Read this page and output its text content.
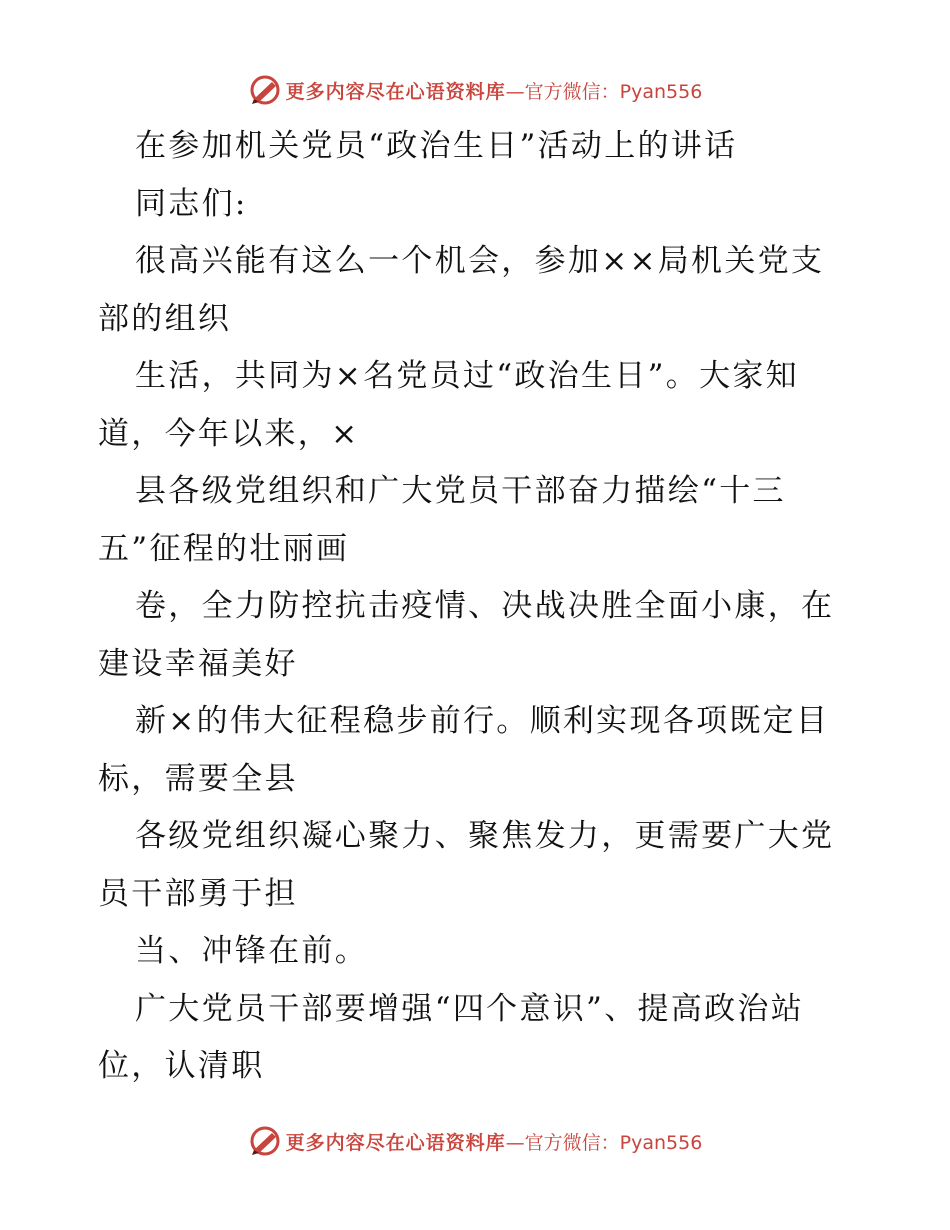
更多内容尽在心语资料库 —官方微信：Pyan556
在参加机关党员“政治生日”活动上的讲话
同志们:
很高兴能有这么一个机会，参加××局机关党支
部的组织
生活，共同为×名党员过“政治生日”。大家知
道，今年以来，×
县各级党组织和广大党员干部奋力描绘“十三
五”征程的壮丽画
卷，全力防控抗击疫情、决战决胜全面小康，在
建设幸福美好
新×的伟大征程稳步前行。顺利实现各项既定目
标，需要全县
各级党组织凝心聚力、聚焦发力，更需要广大党
员干部勇于担
当、冲锋在前。
广大党员干部要增强“四个意识”、提高政治站
位，认清职
更多内容尽在心语资料库 —官方微信：Pyan556
